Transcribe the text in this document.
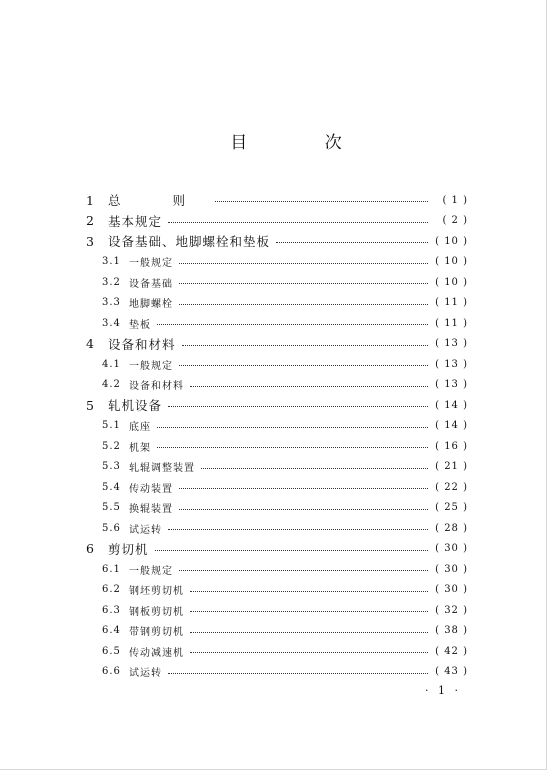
目 次
1	总 则	( 1 )
2	基本规定	( 2 )
3	设备基础、地脚螺栓和垫板	( 10 )
3.1 一般规定	( 10 )
3.2 设备基础	( 10 )
3.3 地脚螺栓	( 11 )
3.4 垫板	( 11 )
4	设备和材料	( 13 )
4.1 一般规定	( 13 )
4.2 设备和材料	( 13 )
5	轧机设备	( 14 )
5.1 底座	( 14 )
5.2 机架	( 16 )
5.3 轧辊调整装置	( 21 )
5.4 传动装置	( 22 )
5.5 换辊装置	( 25 )
5.6 试运转	( 28 )
6	剪切机	( 30 )
6.1 一般规定	( 30 )
6.2 钢坯剪切机	( 30 )
6.3 钢板剪切机	( 32 )
6.4 带钢剪切机	( 38 )
6.5 传动减速机	( 42 )
6.6 试运转	( 43 )
· 1 ·
